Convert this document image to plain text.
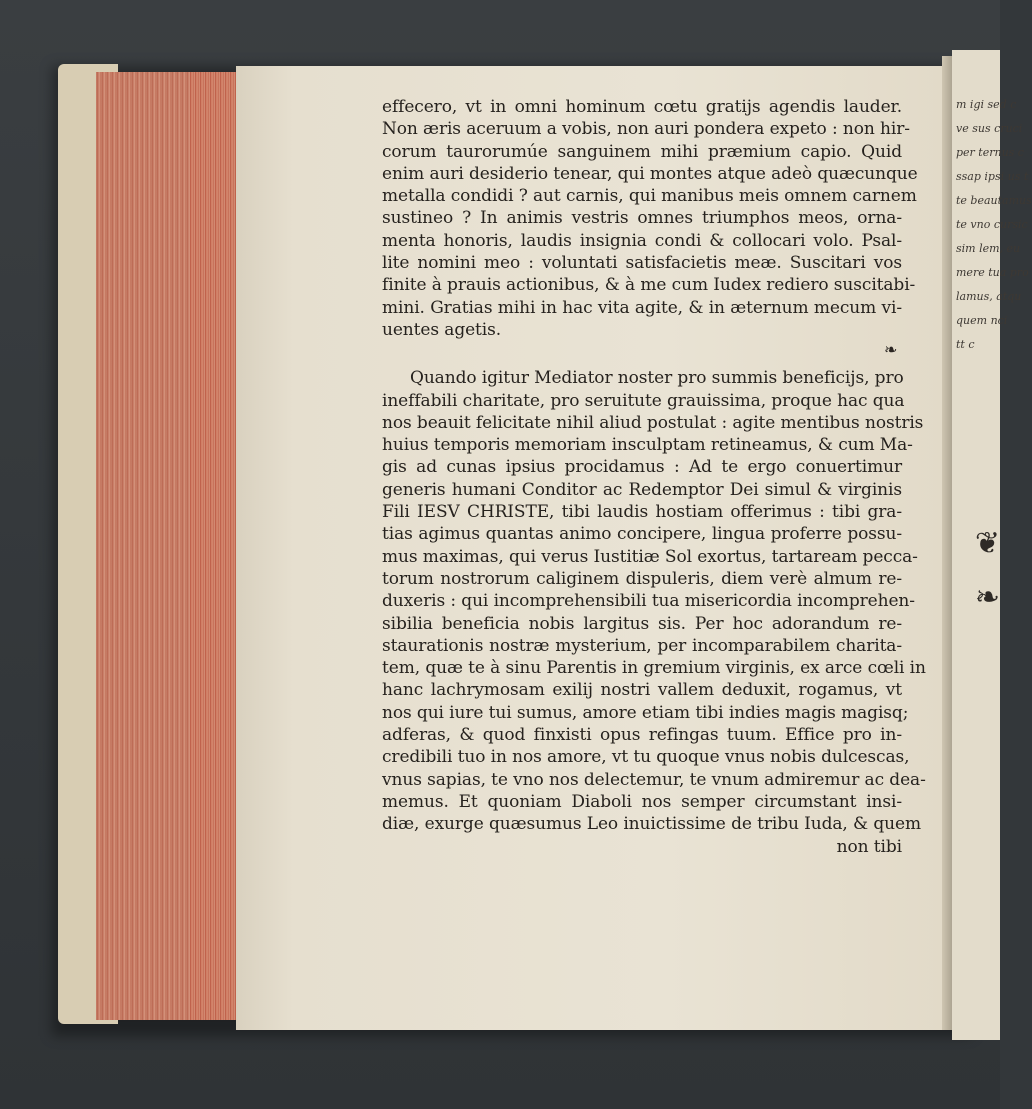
m igi sed c
ve sus cruci
per ternus c
ssap ipsi us t
te beautamus
te vno cursic
sim lem, eu
mere tua pro
lamus, atqu
quem nci
tt c
❦
❧
effecero, vt in omni hominum cœtu gratijs agendis lauder.
Non æris aceruum a vobis, non auri pondera expeto : non hir-
corum taurorumúe sanguinem mihi præmium capio. Quid
enim auri desiderio tenear, qui montes atque adeò quæcunque
metalla condidi ? aut carnis, qui manibus meis omnem carnem
sustineo ? In animis vestris omnes triumphos meos, orna-
menta honoris, laudis insignia condi & collocari volo. Psal-
lite nomini meo : voluntati satisfacietis meæ. Suscitari vos
finite à prauis actionibus, & à me cum Iudex rediero suscitabi-
mini. Gratias mihi in hac vita agite, & in æternum mecum vi-
uentes agetis.
Quando igitur Mediator noster pro summis beneficijs, pro
ineffabili charitate, pro seruitute grauissima, proque hac qua
nos beauit felicitate nihil aliud postulat : agite mentibus nostris
huius temporis memoriam insculptam retineamus, & cum Ma-
gis ad cunas ipsius procidamus : Ad te ergo conuertimur
generis humani Conditor ac Redemptor Dei simul & virginis
Fili IESV CHRISTE, tibi laudis hostiam offerimus : tibi gra-
tias agimus quantas animo concipere, lingua proferre possu-
mus maximas, qui verus Iustitiæ Sol exortus, tartaream pecca-
torum nostrorum caliginem dispuleris, diem verè almum re-
duxeris : qui incomprehensibili tua misericordia incomprehen-
sibilia beneficia nobis largitus sis. Per hoc adorandum re-
staurationis nostræ mysterium, per incomparabilem charita-
tem, quæ te à sinu Parentis in gremium virginis, ex arce cœli in
hanc lachrymosam exilij nostri vallem deduxit, rogamus, vt
nos qui iure tui sumus, amore etiam tibi indies magis magisq;
adferas, & quod finxisti opus refingas tuum. Effice pro in-
credibili tuo in nos amore, vt tu quoque vnus nobis dulcescas,
vnus sapias, te vno nos delectemur, te vnum admiremur ac dea-
memus. Et quoniam Diaboli nos semper circumstant insi-
diæ, exurge quæsumus Leo inuictissime de tribu Iuda, & quem
non tibi
❧
